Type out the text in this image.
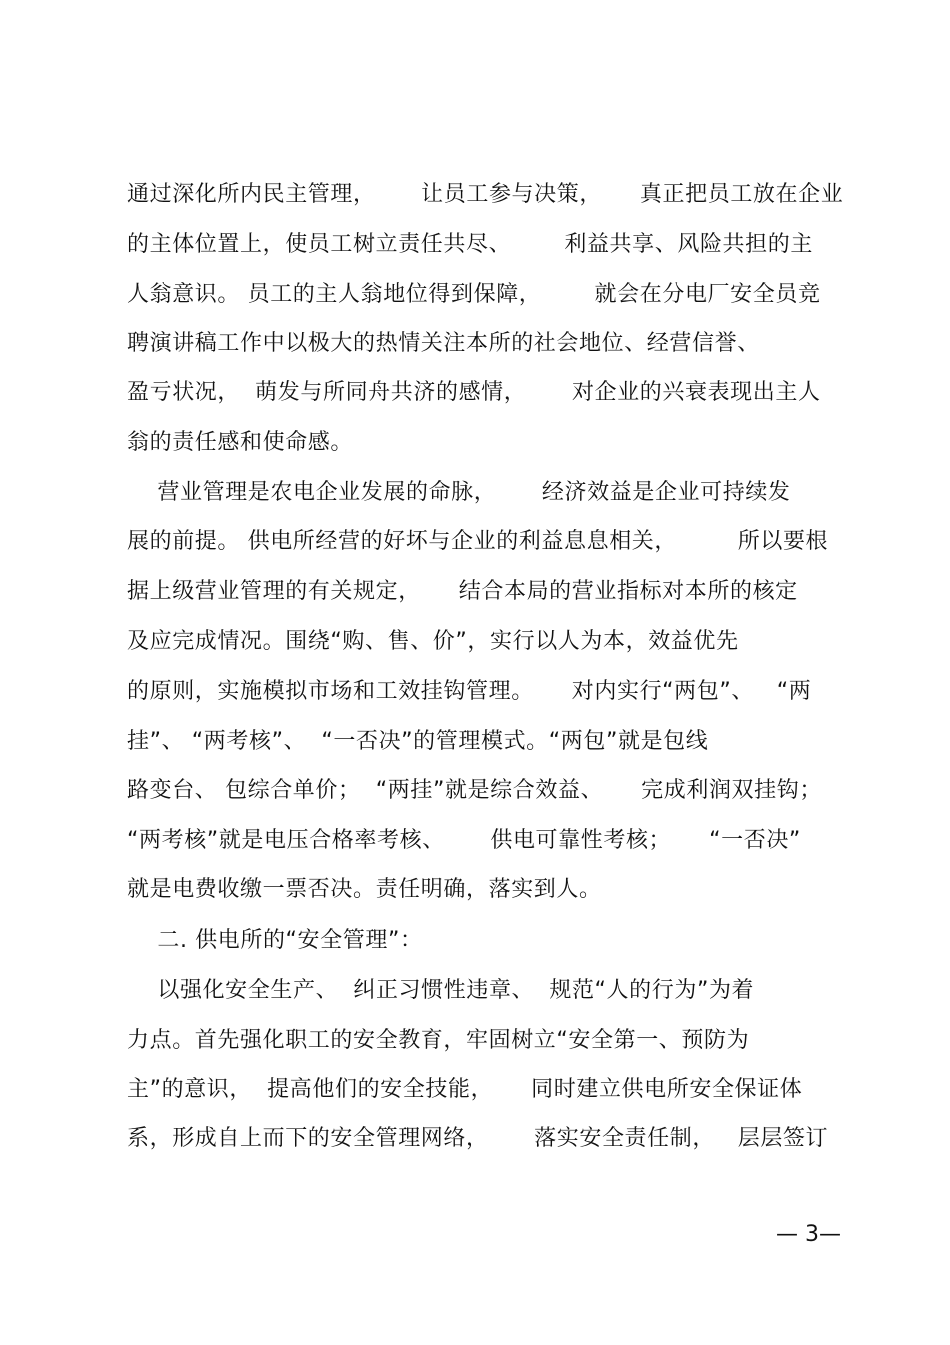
通过深化所内民主管理，      让员工参与决策，     真正把员工放在企业
的主体位置上，使员工树立责任共尽、       利益共享、风险共担的主
人翁意识。 员工的主人翁地位得到保障，       就会在分电厂安全员竞
聘演讲稿工作中以极大的热情关注本所的社会地位、经营信誉、
盈亏状况，  萌发与所同舟共济的感情，      对企业的兴衰表现出主人
翁的责任感和使命感。
营业管理是农电企业发展的命脉，      经济效益是企业可持续发
展的前提。 供电所经营的好坏与企业的利益息息相关，        所以要根
据上级营业管理的有关规定，     结合本局的营业指标对本所的核定
及应完成情况。围绕“购、售、价”，实行以人为本，效益优先
的原则，实施模拟市场和工效挂钩管理。     对内实行“两包”、   “两
挂”、 “两考核”、  “一否决”的管理模式。“两包”就是包线
路变台、 包综合单价；  “两挂”就是综合效益、     完成利润双挂钩；
“两考核”就是电压合格率考核、      供电可靠性考核；     “一否决”
就是电费收缴一票否决。责任明确，落实到人。
二. 供电所的“安全管理”：
以强化安全生产、  纠正习惯性违章、  规范“人的行为”为着
力点。首先强化职工的安全教育，牢固树立“安全第一、预防为
主”的意识，  提高他们的安全技能，     同时建立供电所安全保证体
系，形成自上而下的安全管理网络，      落实安全责任制，   层层签订
— 3—
